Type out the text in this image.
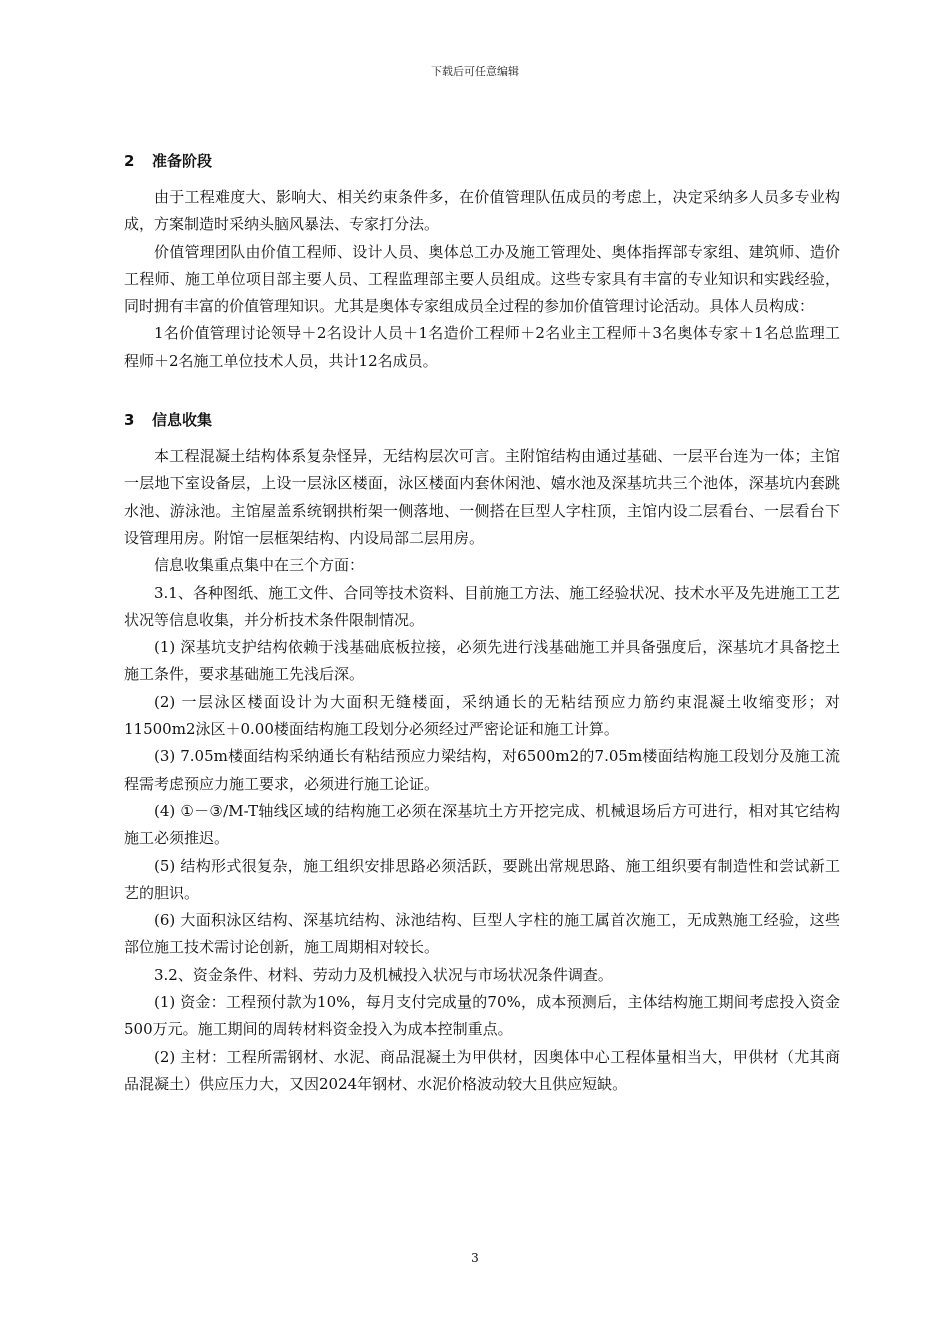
下载后可任意编辑
2 准备阶段

由于工程难度大、影响大、相关约束条件多，在价值管理队伍成员的考虑上，决定采纳多人员多专业构成，方案制造时采纳头脑风暴法、专家打分法。

价值管理团队由价值工程师、设计人员、奥体总工办及施工管理处、奥体指挥部专家组、建筑师、造价工程师、施工单位项目部主要人员、工程监理部主要人员组成。这些专家具有丰富的专业知识和实践经验，同时拥有丰富的价值管理知识。尤其是奥体专家组成员全过程的参加价值管理讨论活动。具体人员构成：

1名价值管理讨论领导＋2名设计人员＋1名造价工程师＋2名业主工程师＋3名奥体专家＋1名总监理工程师＋2名施工单位技术人员，共计12名成员。

3 信息收集

本工程混凝土结构体系复杂怪异，无结构层次可言。主附馆结构由通过基础、一层平台连为一体；主馆一层地下室设备层，上设一层泳区楼面，泳区楼面内套休闲池、嬉水池及深基坑共三个池体，深基坑内套跳水池、游泳池。主馆屋盖系统钢拱桁架一侧落地、一侧搭在巨型人字柱顶，主馆内设二层看台、一层看台下设管理用房。附馆一层框架结构、内设局部二层用房。

信息收集重点集中在三个方面：

3.1、各种图纸、施工文件、合同等技术资料、目前施工方法、施工经验状况、技术水平及先进施工工艺状况等信息收集，并分析技术条件限制情况。

(1) 深基坑支护结构依赖于浅基础底板拉接，必须先进行浅基础施工并具备强度后，深基坑才具备挖土施工条件，要求基础施工先浅后深。

(2) 一层泳区楼面设计为大面积无缝楼面，采纳通长的无粘结预应力筋约束混凝土收缩变形；对11500m2泳区＋0.00楼面结构施工段划分必须经过严密论证和施工计算。

(3) 7.05m楼面结构采纳通长有粘结预应力梁结构，对6500m2的7.05m楼面结构施工段划分及施工流程需考虑预应力施工要求，必须进行施工论证。

(4) ①－③/M-T轴线区域的结构施工必须在深基坑土方开挖完成、机械退场后方可进行，相对其它结构施工必须推迟。

(5) 结构形式很复杂，施工组织安排思路必须活跃，要跳出常规思路、施工组织要有制造性和尝试新工艺的胆识。

(6) 大面积泳区结构、深基坑结构、泳池结构、巨型人字柱的施工属首次施工，无成熟施工经验，这些部位施工技术需讨论创新，施工周期相对较长。

3.2、资金条件、材料、劳动力及机械投入状况与市场状况条件调查。

(1) 资金：工程预付款为10%，每月支付完成量的70%，成本预测后，主体结构施工期间考虑投入资金500万元。施工期间的周转材料资金投入为成本控制重点。

(2) 主材：工程所需钢材、水泥、商品混凝土为甲供材，因奥体中心工程体量相当大，甲供材（尤其商品混凝土）供应压力大，又因2024年钢材、水泥价格波动较大且供应短缺。

3
